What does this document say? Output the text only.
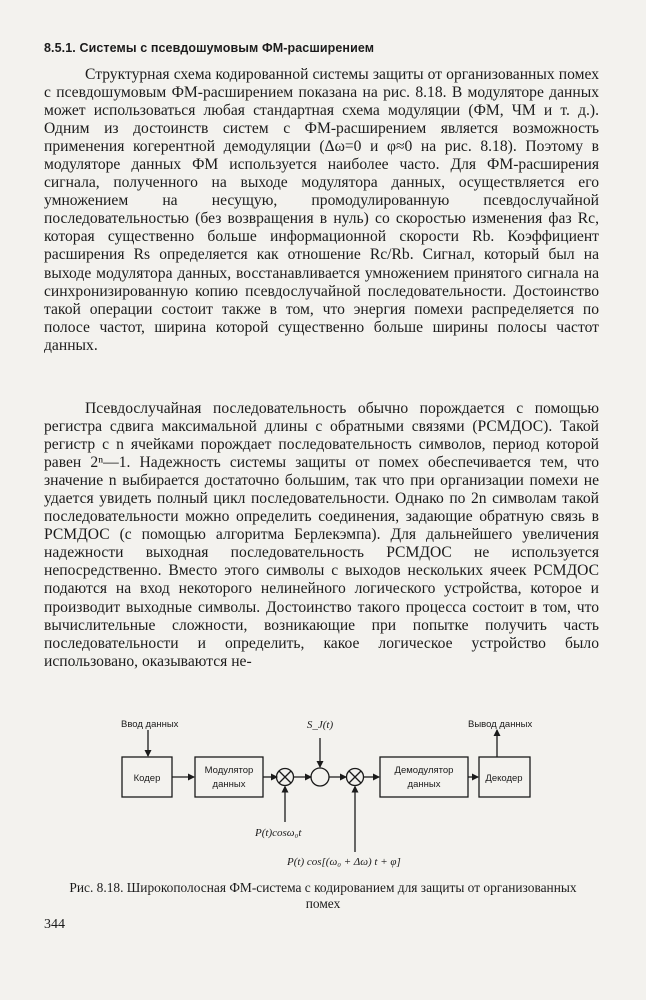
8.5.1. Системы с псевдошумовым ФМ-расширением

Структурная схема кодированной системы защиты от организованных помех с псевдошумовым ФМ-расширением показана на рис. 8.18. В модуляторе данных может использоваться любая стандартная схема модуляции (ФМ, ЧМ и т. д.). Одним из достоинств систем с ФМ-расширением является возможность применения когерентной демодуляции (Δω=0 и φ≈0 на рис. 8.18). Поэтому в модуляторе данных ФМ используется наиболее часто. Для ФМ-расширения сигнала, полученного на выходе модулятора данных, осуществляется его умножением на несущую, промодулированную псевдослучайной последовательностью (без возвращения в нуль) со скоростью изменения фаз Rc, которая существенно больше информационной скорости Rb. Коэффициент расширения Rs определяется как отношение Rc/Rb. Сигнал, который был на выходе модулятора данных, восстанавливается умножением принятого сигнала на синхронизированную копию псевдослучайной последовательности. Достоинство такой операции состоит также в том, что энергия помехи распределяется по полосе частот, ширина которой существенно больше ширины полосы частот данных.

Псевдослучайная последовательность обычно порождается с помощью регистра сдвига максимальной длины с обратными связями (РСМДОС). Такой регистр с n ячейками порождает последовательность символов, период которой равен 2ⁿ—1. Надежность системы защиты от помех обеспечивается тем, что значение n выбирается достаточно большим, так что при организации помехи не удается увидеть полный цикл последовательности. Однако по 2n символам такой последовательности можно определить соединения, задающие обратную связь в РСМДОС (с помощью алгоритма Берлекэмпа). Для дальнейшего увеличения надежности выходная последовательность РСМДОС не используется непосредственно. Вместо этого символы с выходов нескольких ячеек РСМДОС подаются на вход некоторого нелинейного логического устройства, которое и производит выходные символы. Достоинство такого процесса состоит в том, что вычислительные сложности, возникающие при попытке получить часть последовательности и определить, какое логическое устройство было использовано, оказываются не-

Ввод данных	Вывод данных
Кодер
Модулятор
данных
Демодулятор
данных
Декодер
S_J(t)
P(t)cosω₀t
P(t) cos[(ω₀ + Δω) t + φ]

Рис. 8.18. Широкополосная ФМ-система с кодированием для защиты от организованных помех

344
